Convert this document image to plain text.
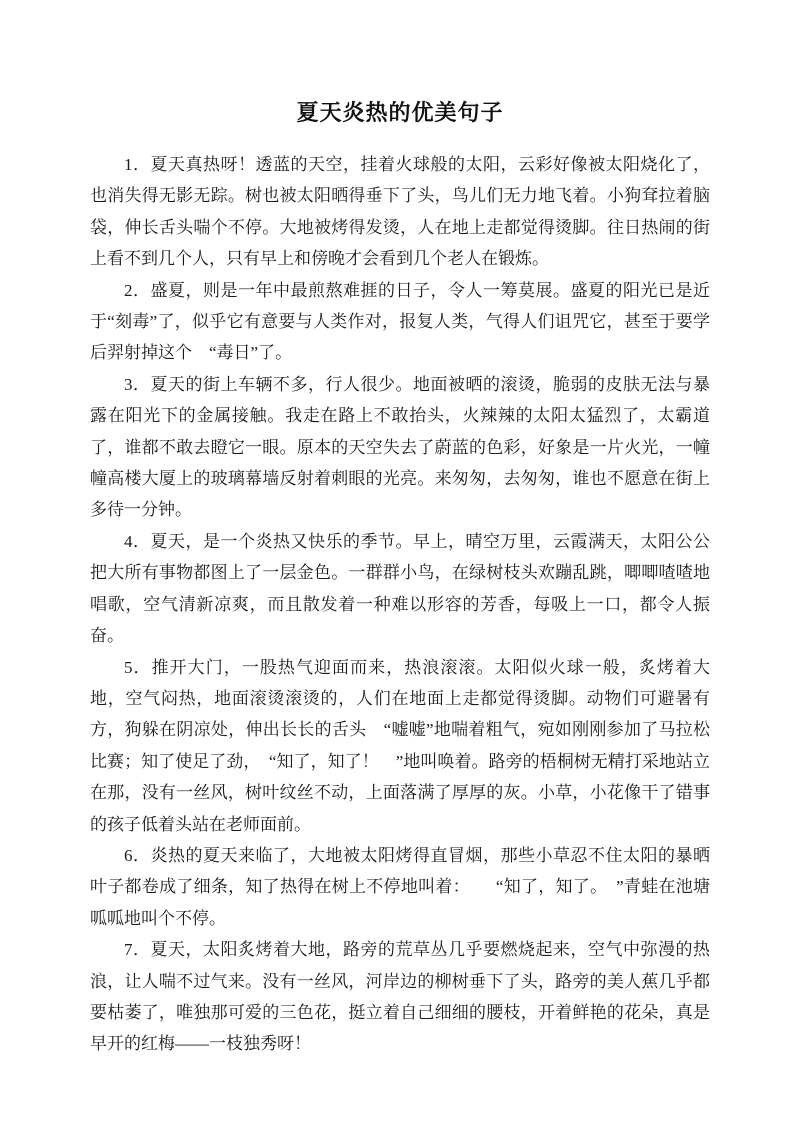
夏天炎热的优美句子

1．夏天真热呀！透蓝的天空，挂着火球般的太阳，云彩好像被太阳烧化了，也消失得无影无踪。树也被太阳晒得垂下了头，鸟儿们无力地飞着。小狗耷拉着脑袋，伸长舌头喘个不停。大地被烤得发烫，人在地上走都觉得烫脚。往日热闹的街上看不到几个人，只有早上和傍晚才会看到几个老人在锻炼。

2．盛夏，则是一年中最煎熬难捱的日子，令人一筹莫展。盛夏的阳光已是近于“刻毒”了，似乎它有意要与人类作对，报复人类，气得人们诅咒它，甚至于要学后羿射掉这个　“毒日”了。

3．夏天的街上车辆不多，行人很少。地面被晒的滚烫，脆弱的皮肤无法与暴露在阳光下的金属接触。我走在路上不敢抬头，火辣辣的太阳太猛烈了，太霸道了，谁都不敢去瞪它一眼。原本的天空失去了蔚蓝的色彩，好象是一片火光，一幢幢高楼大厦上的玻璃幕墙反射着刺眼的光亮。来匆匆，去匆匆，谁也不愿意在街上多待一分钟。

4．夏天，是一个炎热又快乐的季节。早上，晴空万里，云霞满天，太阳公公把大所有事物都图上了一层金色。一群群小鸟，在绿树枝头欢蹦乱跳，唧唧喳喳地唱歌，空气清新凉爽，而且散发着一种难以形容的芳香，每吸上一口，都令人振奋。

5．推开大门，一股热气迎面而来，热浪滚滚。太阳似火球一般，炙烤着大地，空气闷热，地面滚烫滚烫的，人们在地面上走都觉得烫脚。动物们可避暑有方，狗躲在阴凉处，伸出长长的舌头　“嘘嘘”地喘着粗气，宛如刚刚参加了马拉松比赛；知了使足了劲，　“知了，知了！　”地叫唤着。路旁的梧桐树无精打采地站立在那，没有一丝风，树叶纹丝不动，上面落满了厚厚的灰。小草，小花像干了错事的孩子低着头站在老师面前。

6．炎热的夏天来临了，大地被太阳烤得直冒烟，那些小草忍不住太阳的暴晒叶子都卷成了细条，知了热得在树上不停地叫着：　　“知了，知了。　”青蛙在池塘呱呱地叫个不停。

7．夏天，太阳炙烤着大地，路旁的荒草丛几乎要燃烧起来，空气中弥漫的热浪，让人喘不过气来。没有一丝风，河岸边的柳树垂下了头，路旁的美人蕉几乎都要枯萎了，唯独那可爱的三色花，挺立着自己细细的腰枝，开着鲜艳的花朵，真是早开的红梅——一枝独秀呀！
